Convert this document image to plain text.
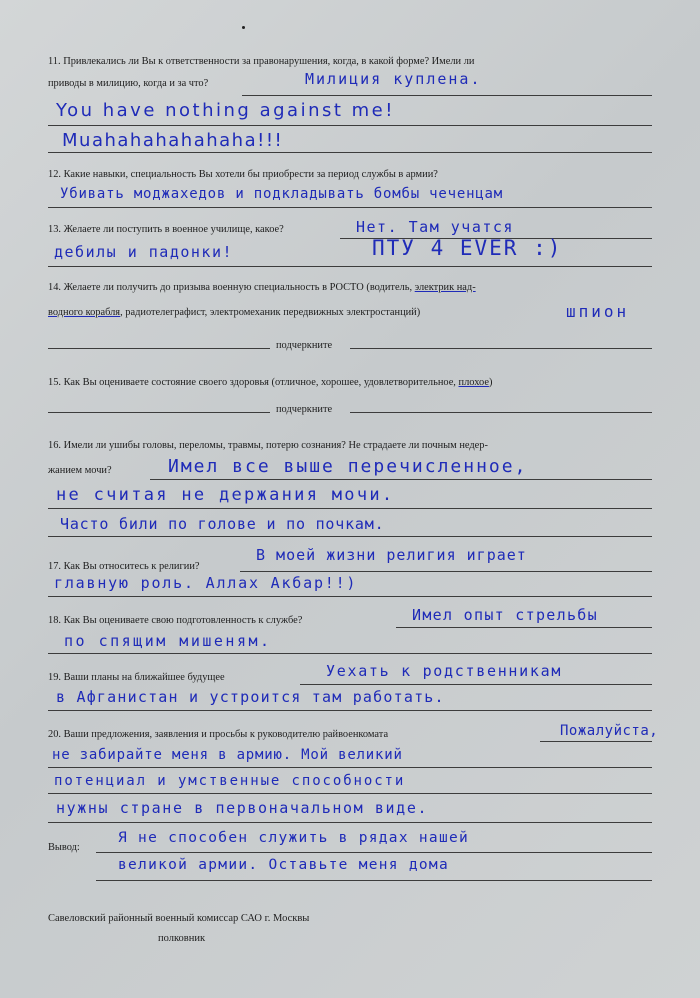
11. Привлекались ли Вы к ответственности за правонарушения, когда, в какой форме? Имели ли
приводы в милицию, когда и за что?	Милиция куплена.
You have nothing against me!
Muahahahahahaha!!!
12. Какие навыки, специальность Вы хотели бы приобрести за период службы в армии?
Убивать моджахедов и подкладывать бомбы чеченцам
13. Желаете ли поступить в военное училище, какое?	Нет. Там учатся
дебилы и падонки!	ПТУ 4 EVER :)
14. Желаете ли получить до призыва военную специальность в РОСТО (водитель, электрик над-
водного корабля, радиотелеграфист, электромеханик передвижных электростанций)	шпион
подчеркните
15. Как Вы оцениваете состояние своего здоровья (отличное, хорошее, удовлетворительное, плохое)
подчеркните
16. Имели ли ушибы головы, переломы, травмы, потерю сознания? Не страдаете ли почным недер-
жанием мочи?	Имел все выше перечисленное,
не считая не держания мочи.
Часто били по голове и по почкам.
17. Как Вы относитесь к религии?
В моей жизни религия играет
главную роль. Аллах Акбар!!)
18. Как Вы оцениваете свою подготовленность к службе?	Имел опыт стрельбы
по спящим мишеням.
19. Ваши планы на ближайшее будущее	Уехать к родственникам
в Афганистан и устроится там работать.
20. Ваши предложения, заявления и просьбы к руководителю райвоенкомата	Пожалуйста,
не забирайте меня в армию. Мой великий
потенциал и умственные способности
нужны стране в первоначальном виде.
Вывод:
Я не способен служить в рядах нашей
великой армии. Оставьте меня дома
Савеловский районный военный комиссар САО г. Москвы
полковник
